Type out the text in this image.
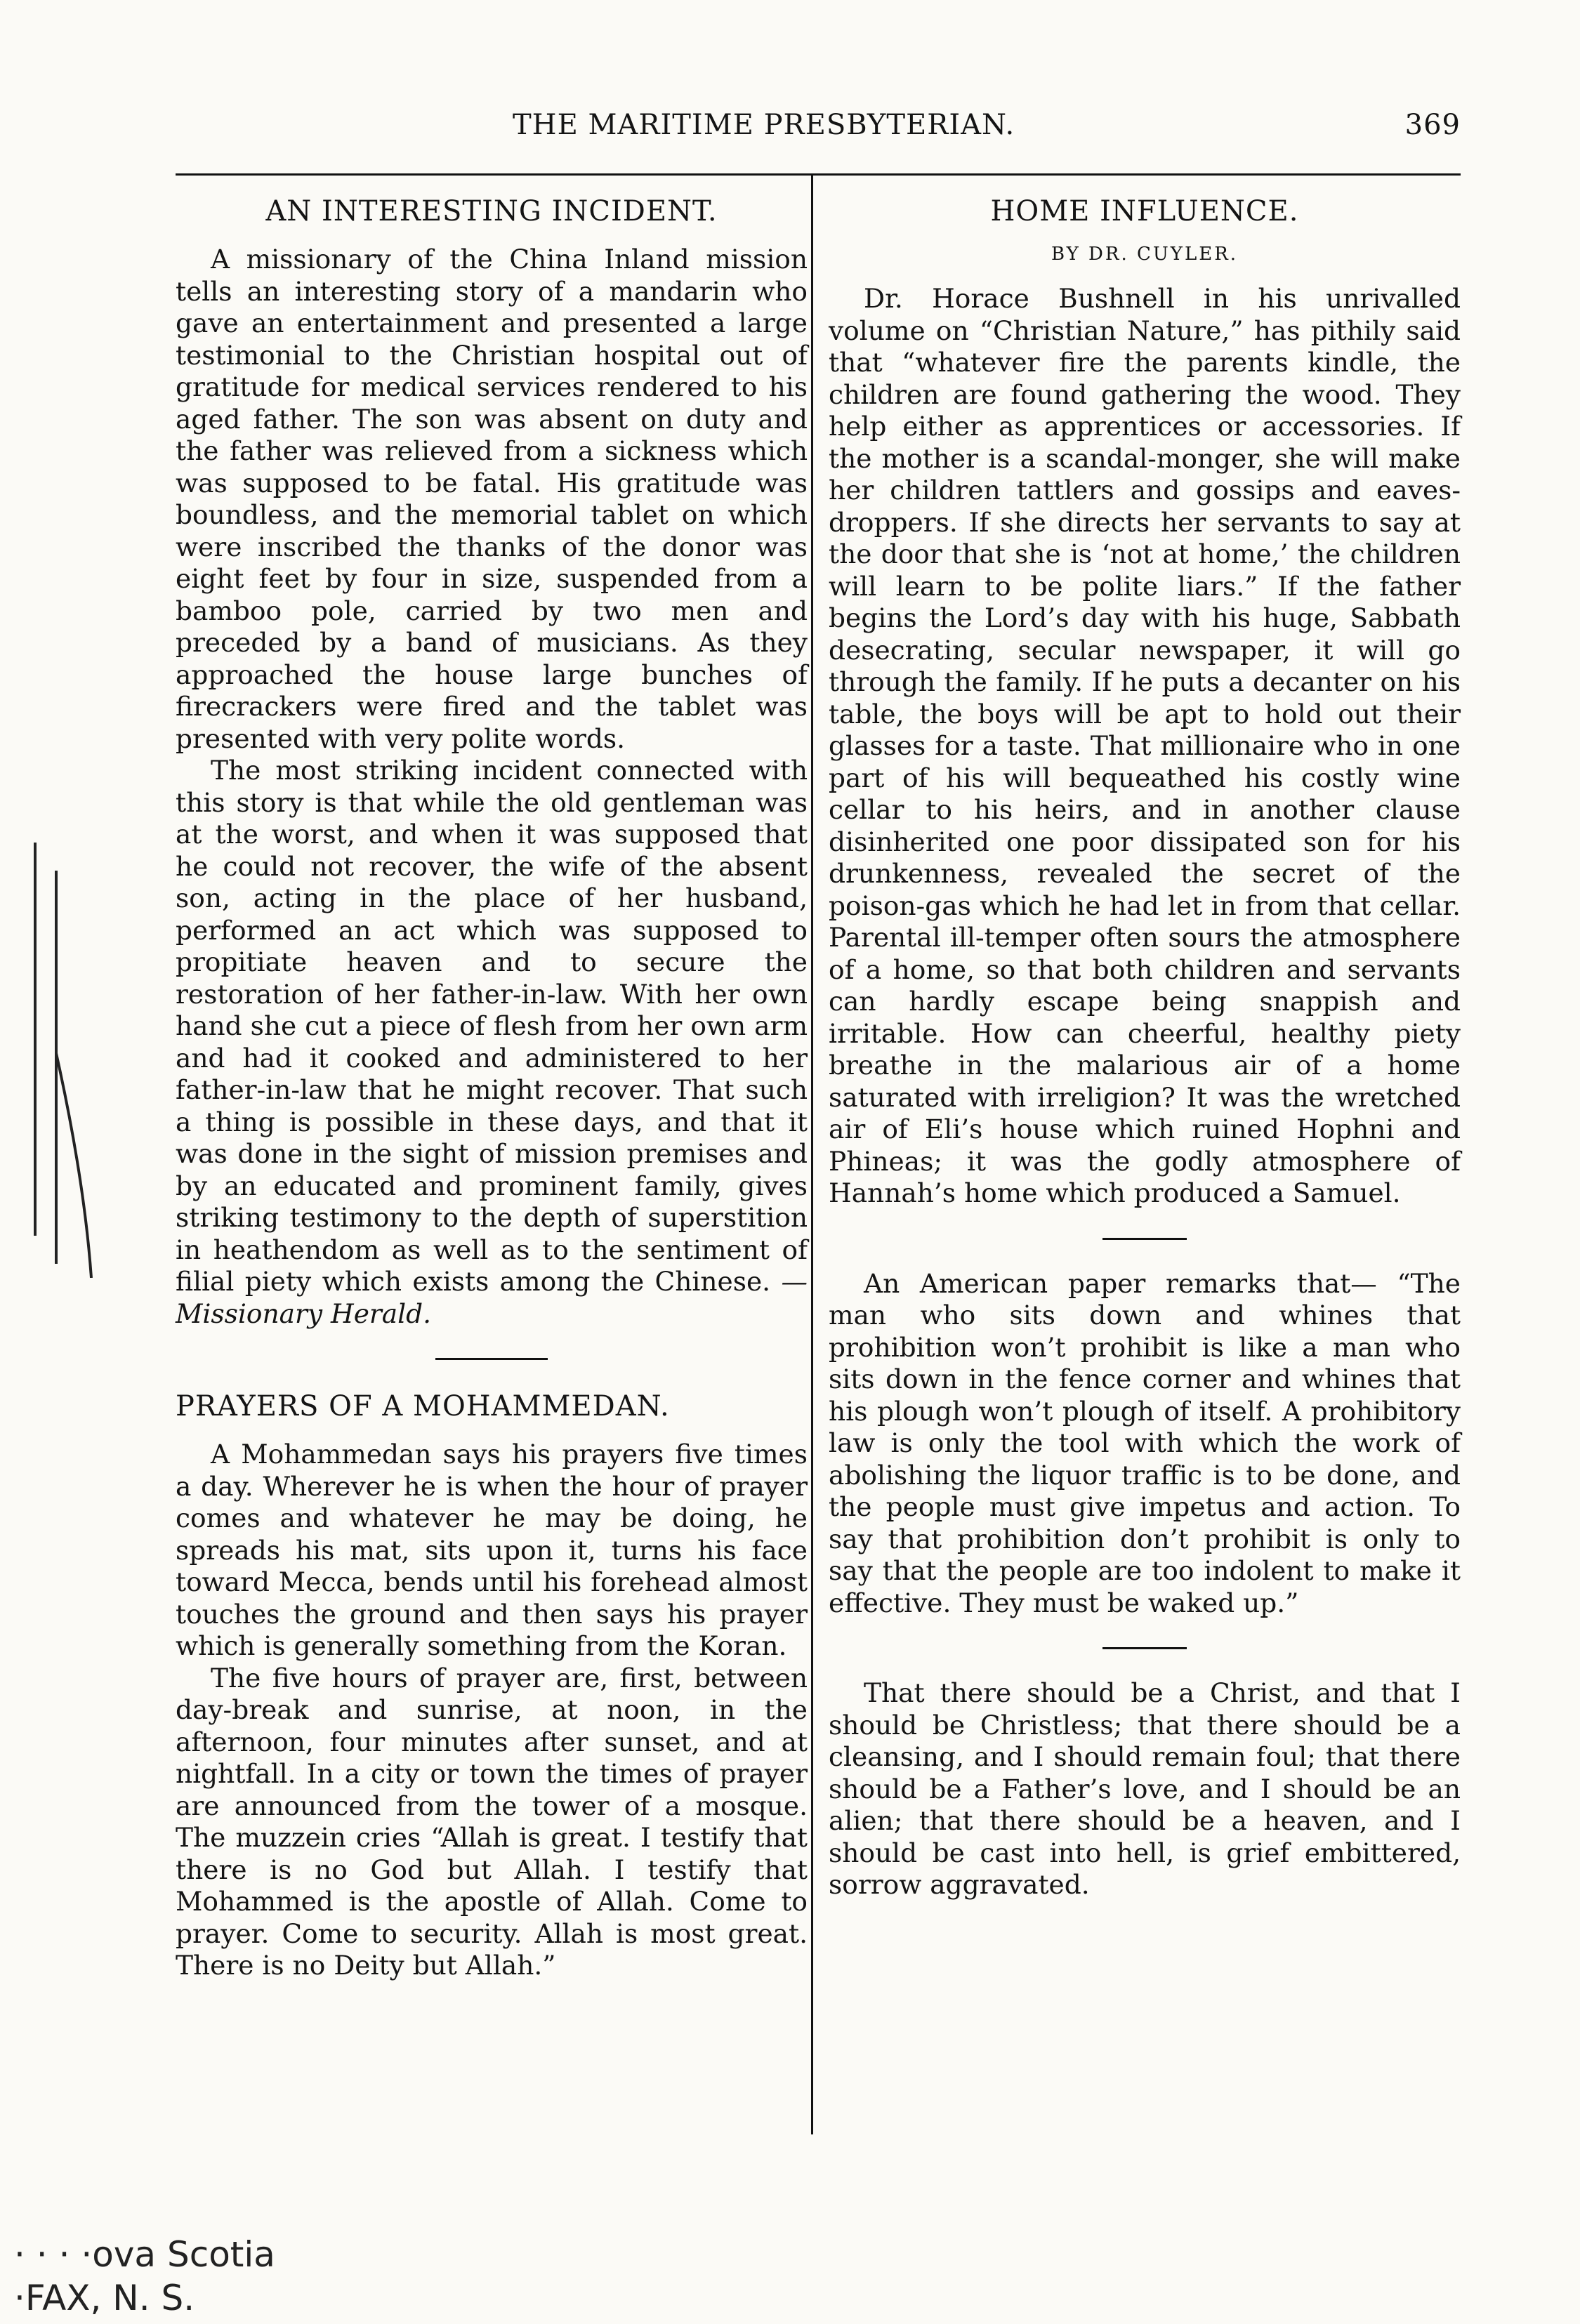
THE MARITIME PRESBYTERIAN.	369
AN INTERESTING INCIDENT.

A missionary of the China Inland mission tells an interesting story of a mandarin who gave an entertainment and presented a large testimonial to the Christian hospital out of gratitude for medical services rendered to his aged father. The son was absent on duty and the father was relieved from a sickness which was supposed to be fatal. His gratitude was boundless, and the memorial tablet on which were inscribed the thanks of the donor was eight feet by four in size, suspended from a bamboo pole, carried by two men and preceded by a band of musicians. As they approached the house large bunches of firecrackers were fired and the tablet was presented with very polite words.

The most striking incident connected with this story is that while the old gentleman was at the worst, and when it was supposed that he could not recover, the wife of the absent son, acting in the place of her husband, performed an act which was supposed to propitiate heaven and to secure the restoration of her father-in-law. With her own hand she cut a piece of flesh from her own arm and had it cooked and administered to her father-in-law that he might recover. That such a thing is possible in these days, and that it was done in the sight of mission premises and by an educated and prominent family, gives striking testimony to the depth of superstition in heathendom as well as to the sentiment of filial piety which exists among the Chinese. —Missionary Herald.

PRAYERS OF A MOHAMMEDAN.

A Mohammedan says his prayers five times a day. Wherever he is when the hour of prayer comes and whatever he may be doing, he spreads his mat, sits upon it, turns his face toward Mecca, bends until his forehead almost touches the ground and then says his prayer which is generally something from the Koran.

The five hours of prayer are, first, between day-break and sunrise, at noon, in the afternoon, four minutes after sunset, and at nightfall. In a city or town the times of prayer are announced from the tower of a mosque. The muzzein cries “Allah is great. I testify that there is no God but Allah. I testify that Mohammed is the apostle of Allah. Come to prayer. Come to security. Allah is most great. There is no Deity but Allah.”

HOME INFLUENCE.
BY DR. CUYLER.

Dr. Horace Bushnell in his unrivalled volume on “Christian Nature,” has pithily said that “whatever fire the parents kindle, the children are found gathering the wood. They help either as apprentices or accessories. If the mother is a scandal-monger, she will make her children tattlers and gossips and eaves-droppers. If she directs her servants to say at the door that she is ‘not at home,’ the children will learn to be polite liars.” If the father begins the Lord’s day with his huge, Sabbath desecrating, secular newspaper, it will go through the family. If he puts a decanter on his table, the boys will be apt to hold out their glasses for a taste. That millionaire who in one part of his will bequeathed his costly wine cellar to his heirs, and in another clause disinherited one poor dissipated son for his drunkenness, revealed the secret of the poison-gas which he had let in from that cellar. Parental ill-temper often sours the atmosphere of a home, so that both children and servants can hardly escape being snappish and irritable. How can cheerful, healthy piety breathe in the malarious air of a home saturated with irreligion? It was the wretched air of Eli’s house which ruined Hophni and Phineas; it was the godly atmosphere of Hannah’s home which produced a Samuel.

An American paper remarks that— “The man who sits down and whines that prohibition won’t prohibit is like a man who sits down in the fence corner and whines that his plough won’t plough of itself. A prohibitory law is only the tool with which the work of abolishing the liquor traffic is to be done, and the people must give impetus and action. To say that prohibition don’t prohibit is only to say that the people are too indolent to make it effective. They must be waked up.”

That there should be a Christ, and that I should be Christless; that there should be a cleansing, and I should remain foul; that there should be a Father’s love, and I should be an alien; that there should be a heaven, and I should be cast into hell, is grief embittered, sorrow aggravated.

· · · ·ova Scotia
·FAX, N. S.
